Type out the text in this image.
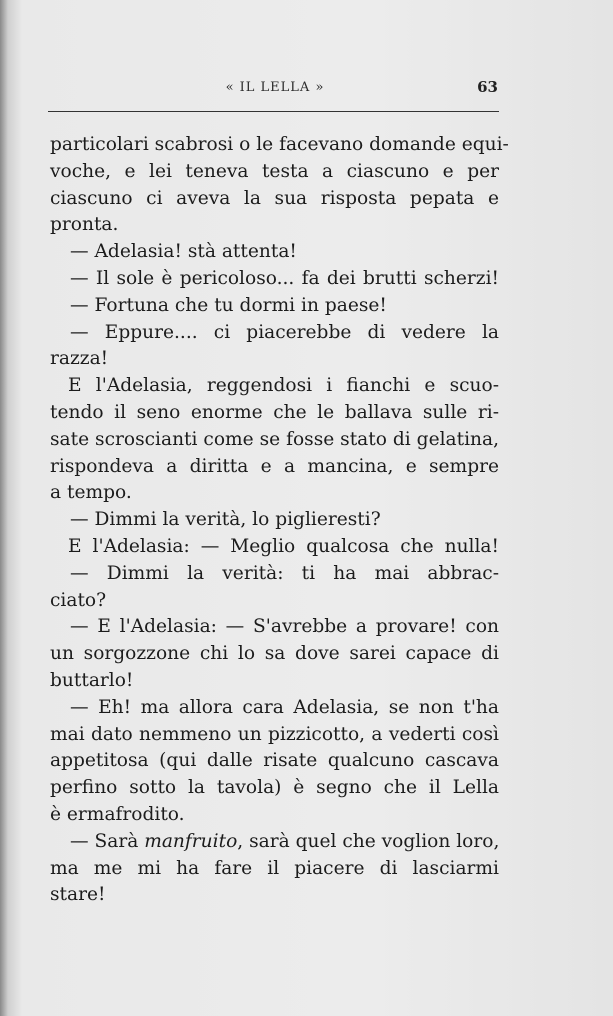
« IL LELLA »	63
particolari scabrosi o le facevano domande equi-
voche, e lei teneva testa a ciascuno e per
ciascuno ci aveva la sua risposta pepata e
pronta.
— Adelasia! stà attenta!
— Il sole è pericoloso... fa dei brutti scherzi!
— Fortuna che tu dormi in paese!
— Eppure.... ci piacerebbe di vedere la
razza!
E l'Adelasia, reggendosi i fianchi e scuo-
tendo il seno enorme che le ballava sulle ri-
sate scroscianti come se fosse stato di gelatina,
rispondeva a diritta e a mancina, e sempre
a tempo.
— Dimmi la verità, lo piglieresti?
E l'Adelasia: — Meglio qualcosa che nulla!
— Dimmi la verità: ti ha mai abbrac-
ciato?
— E l'Adelasia: — S'avrebbe a provare! con
un sorgozzone chi lo sa dove sarei capace di
buttarlo!
— Eh! ma allora cara Adelasia, se non t'ha
mai dato nemmeno un pizzicotto, a vederti così
appetitosa (qui dalle risate qualcuno cascava
perfino sotto la tavola) è segno che il Lella
è ermafrodito.
— Sarà manfruito, sarà quel che voglion loro,
ma me mi ha fare il piacere di lasciarmi
stare!
